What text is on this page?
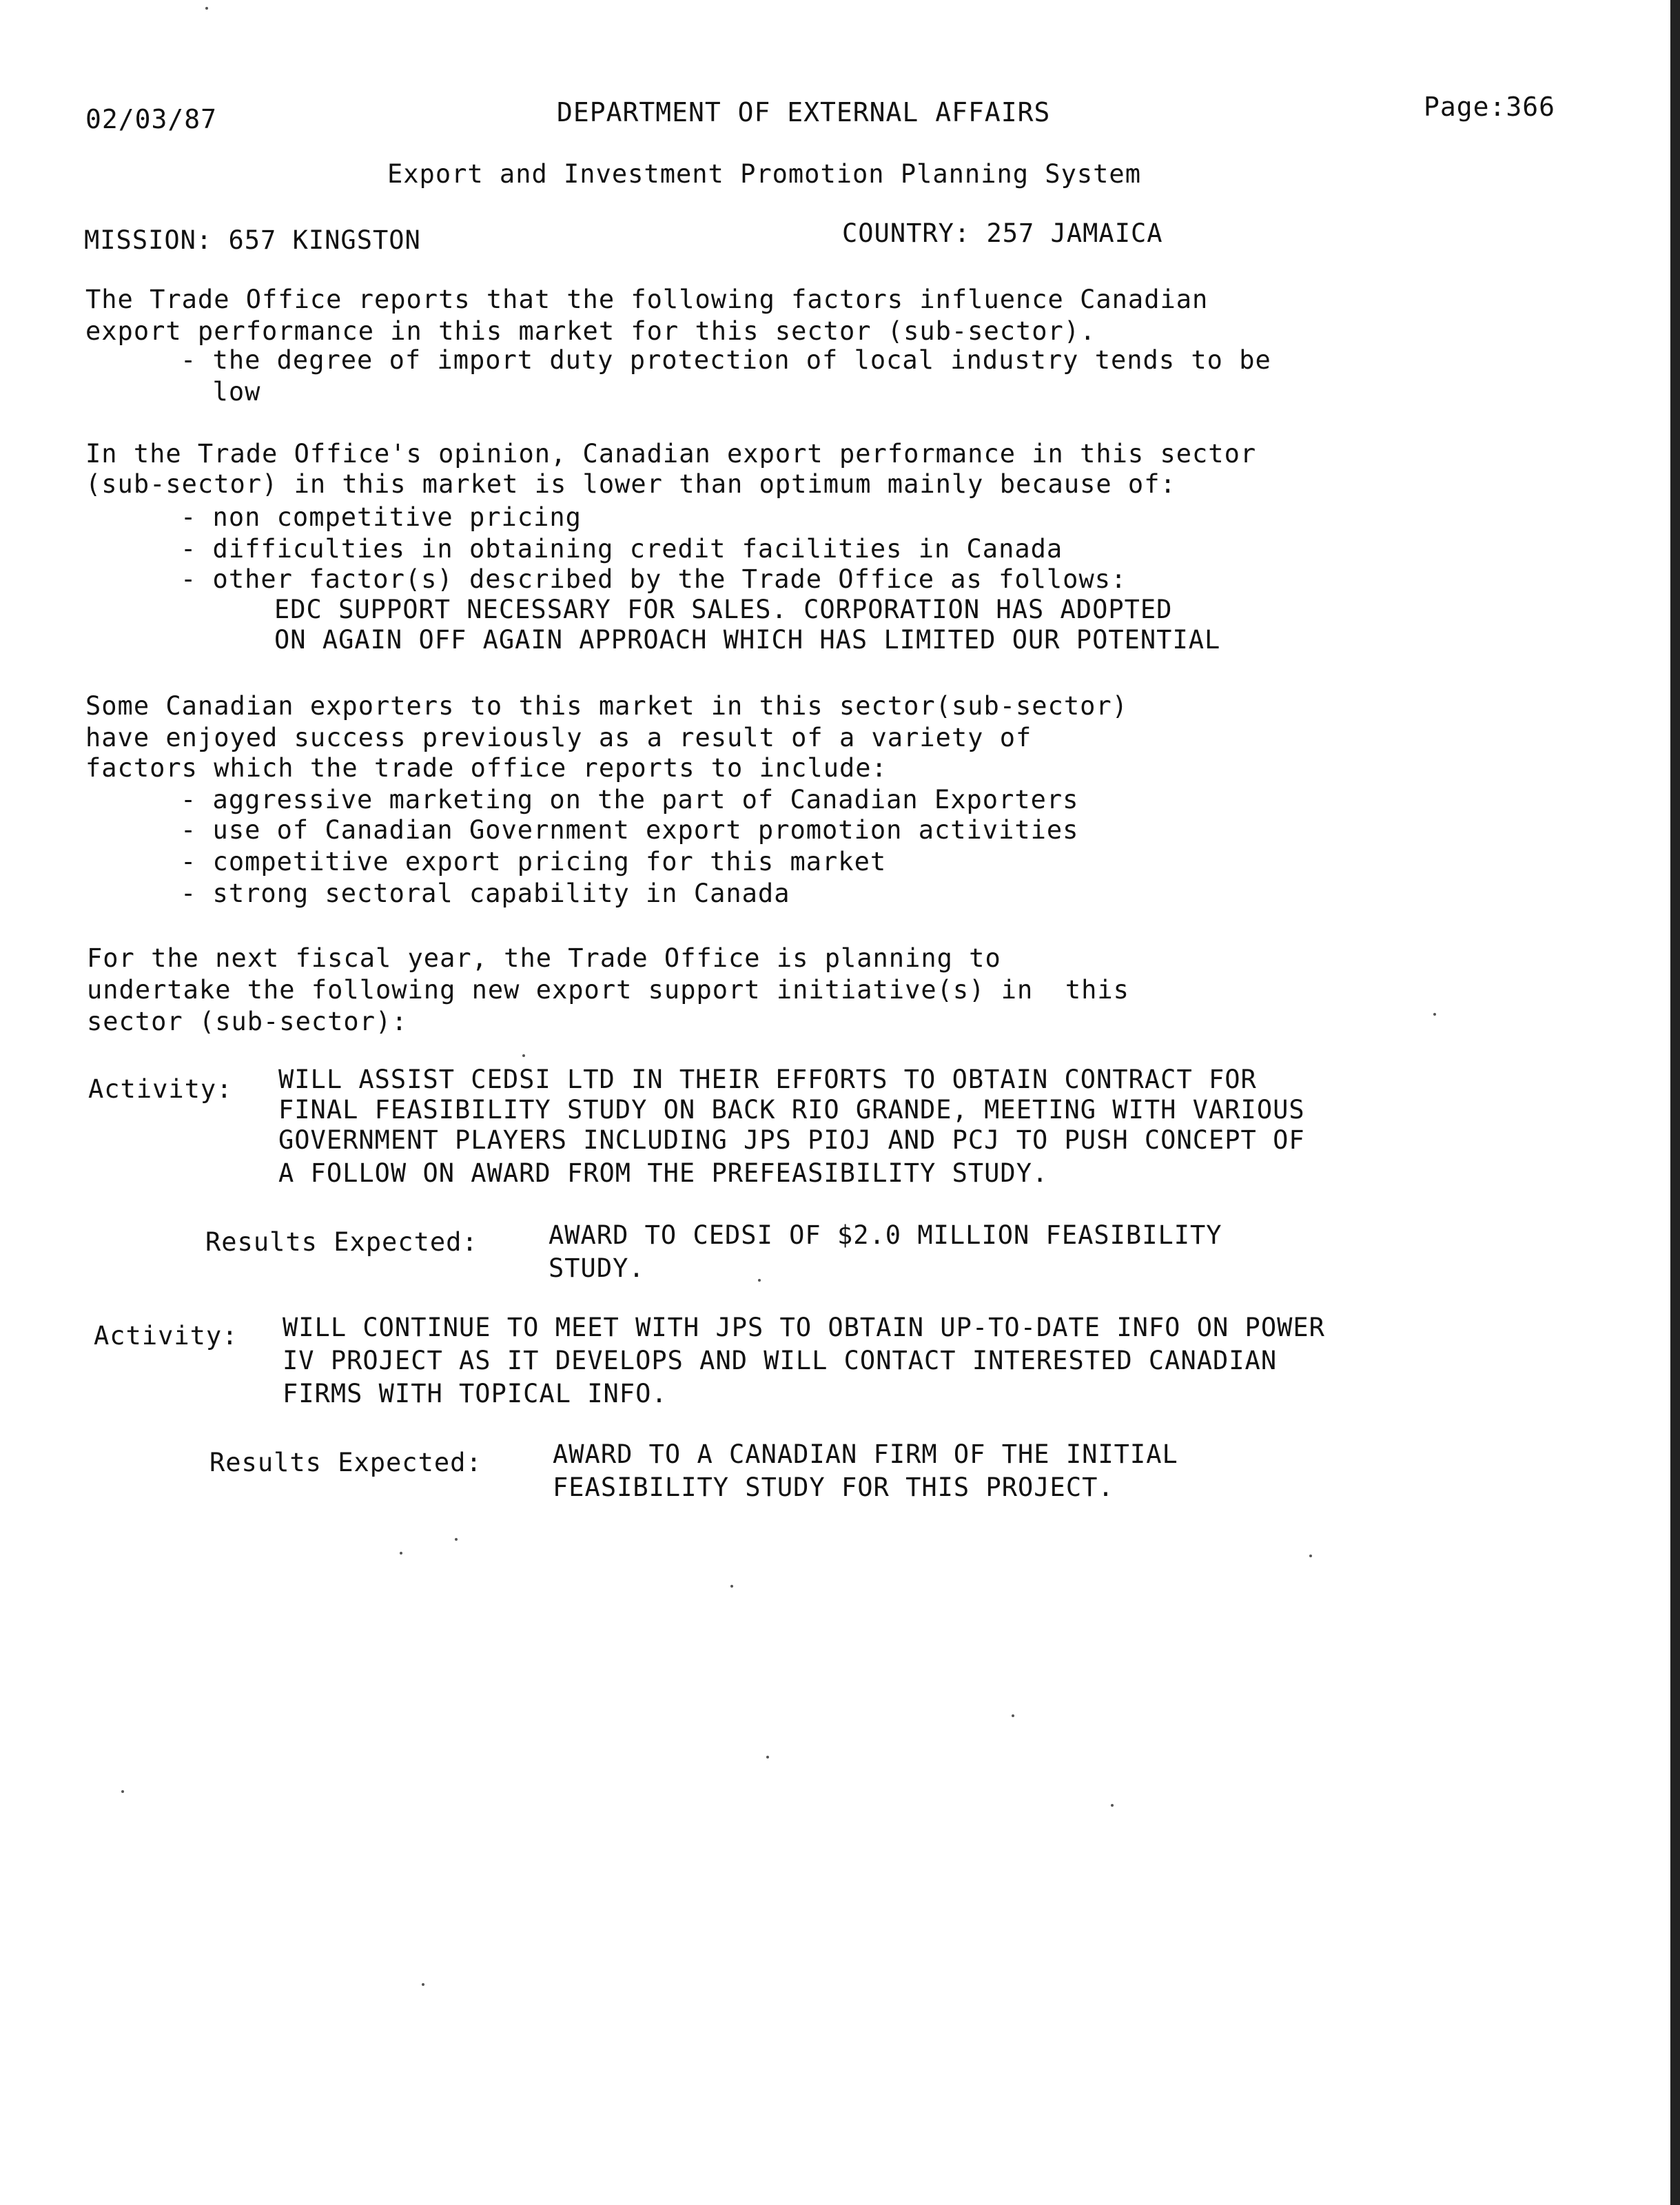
02/03/87	DEPARTMENT OF EXTERNAL AFFAIRS	Page:366
Export and Investment Promotion Planning System
MISSION: 657 KINGSTON	COUNTRY: 257 JAMAICA
The Trade Office reports that the following factors influence Canadian
export performance in this market for this sector (sub-sector).
- the degree of import duty protection of local industry tends to be
low
In the Trade Office's opinion, Canadian export performance in this sector
(sub-sector) in this market is lower than optimum mainly because of:
- non competitive pricing
- difficulties in obtaining credit facilities in Canada
- other factor(s) described by the Trade Office as follows:
EDC SUPPORT NECESSARY FOR SALES. CORPORATION HAS ADOPTED
ON AGAIN OFF AGAIN APPROACH WHICH HAS LIMITED OUR POTENTIAL
Some Canadian exporters to this market in this sector(sub-sector)
have enjoyed success previously as a result of a variety of
factors which the trade office reports to include:
- aggressive marketing on the part of Canadian Exporters
- use of Canadian Government export promotion activities
- competitive export pricing for this market
- strong sectoral capability in Canada
For the next fiscal year, the Trade Office is planning to
undertake the following new export support initiative(s) in  this
sector (sub-sector):
Activity: WILL ASSIST CEDSI LTD IN THEIR EFFORTS TO OBTAIN CONTRACT FOR
FINAL FEASIBILITY STUDY ON BACK RIO GRANDE, MEETING WITH VARIOUS
GOVERNMENT PLAYERS INCLUDING JPS PIOJ AND PCJ TO PUSH CONCEPT OF
A FOLLOW ON AWARD FROM THE PREFEASIBILITY STUDY.
Results Expected:	AWARD TO CEDSI OF $2.0 MILLION FEASIBILITY
STUDY.
Activity: WILL CONTINUE TO MEET WITH JPS TO OBTAIN UP-TO-DATE INFO ON POWER
IV PROJECT AS IT DEVELOPS AND WILL CONTACT INTERESTED CANADIAN
FIRMS WITH TOPICAL INFO.
Results Expected:	AWARD TO A CANADIAN FIRM OF THE INITIAL
FEASIBILITY STUDY FOR THIS PROJECT.
